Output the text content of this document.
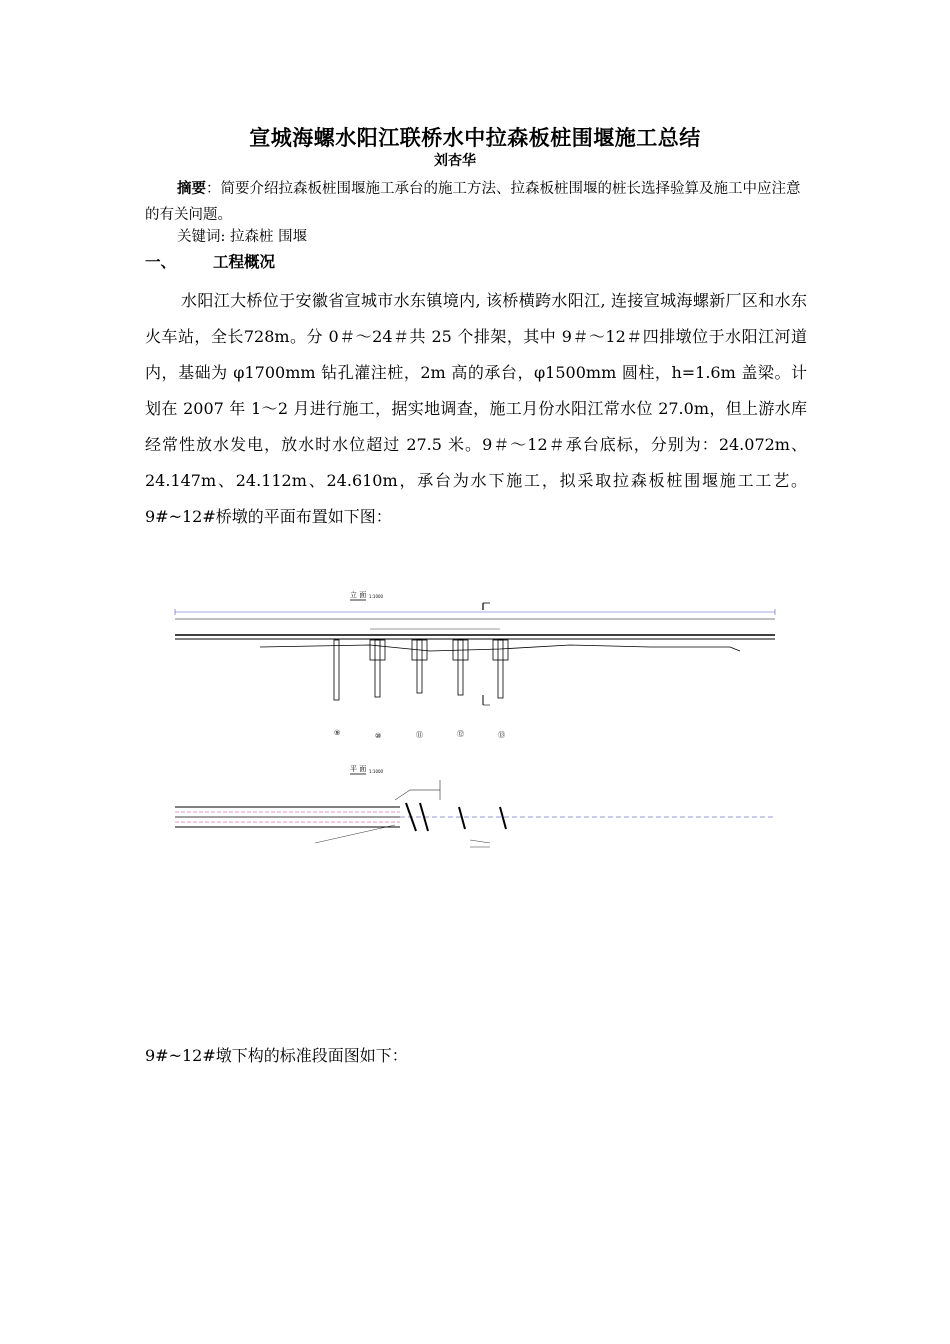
宣城海螺水阳江联桥水中拉森板桩围堰施工总结
刘杏华

摘要：简要介绍拉森板桩围堰施工承台的施工方法、拉森板桩围堰的桩长选择验算及施工中应注意的有关问题。

关键词: 拉森桩 围堰
一、 工程概况
水阳江大桥位于安徽省宣城市水东镇境内, 该桥横跨水阳江, 连接宣城海螺新厂区和水东火车站，全长728m。分 0＃～24＃共 25 个排架，其中 9＃～12＃四排墩位于水阳江河道内，基础为 φ1700mm 钻孔灌注桩，2m 高的承台，φ1500mm 圆柱，h=1.6m 盖梁。计划在 2007 年 1～2 月进行施工，据实地调查，施工月份水阳江常水位 27.0m，但上游水库经常性放水发电，放水时水位超过 27.5 米。9＃～12＃承台底标，分别为：24.072m、24.147m、24.112m、24.610m，承台为水下施工，拟采取拉森板桩围堰施工工艺。9#~12#桥墩的平面布置如下图：
立 面 1:1000
⑨	⑩	⑪	⑫	⑬
平 面 1:1000
9#~12#墩下构的标准段面图如下：
